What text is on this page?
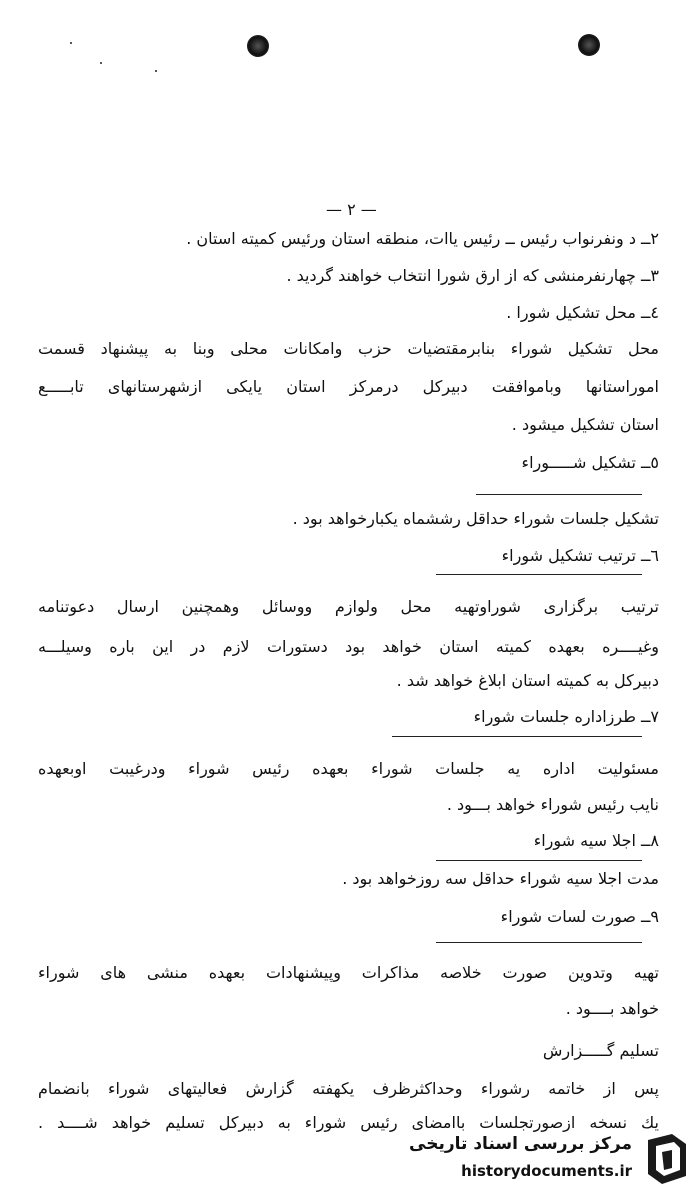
— ۲ —
۲ــ د ونفرنواب رئيس ــ رئيس ياات، منطقه استان ورئيس كميته استان .
۳ــ چهارنفرمنشى كه از ارق شورا انتخاب خواهند گرديد .
٤ــ محل تشكيل شورا .
محل تشكيل شوراء بنابرمقتضيات حزب وامكانات محلى وبنا به پيشنهاد قسمت
اموراستانها وباموافقت دبيركل درمركز استان يايكى ازشهرستانهاى تابـــــع
استان تشكيل ميشود .
٥ــ تشكيل شـــــوراء
تشكيل جلسات شوراء حداقل رششماه يكبارخواهد بود .
٦ــ ترتيب تشكيل شوراء
ترتيب برگزارى شوراوتهيه محل ولوازم ووسائل وهمچنين ارسال دعوتنامه
وغيــــره بعهده كميته استان خواهد بود دستورات لازم در اين باره وسيلـــه
دبيركل به كميته استان ابلاغ خواهد شد .
٧ــ طرزاداره جلسات شوراء
مسئوليت اداره يه جلسات شوراء بعهده رئيس شوراء ودرغيبت اوبعهده
نايب رئيس شوراء خواهد بـــود .
٨ــ اجلا سيه شوراء
مدت اجلا سيه شوراء حداقل سه روزخواهد بود .
٩ــ صورت لسات شوراء
تهيه وتدوين صورت خلاصه مذاكرات وپيشنهادات بعهده منشى هاى شوراء
خواهد بــــود .
تسليم گـــــزارش
پس از خاتمه رشوراء وحداكثرظرف يكهفته گزارش فعاليتهاى شوراء بانضمام
يك نسخه ازصورتجلسات باامضاى رئيس شوراء به دبيركل تسليم خواهد شــــد .
مرکز بررسی اسناد تاریخی
historydocuments.ir
